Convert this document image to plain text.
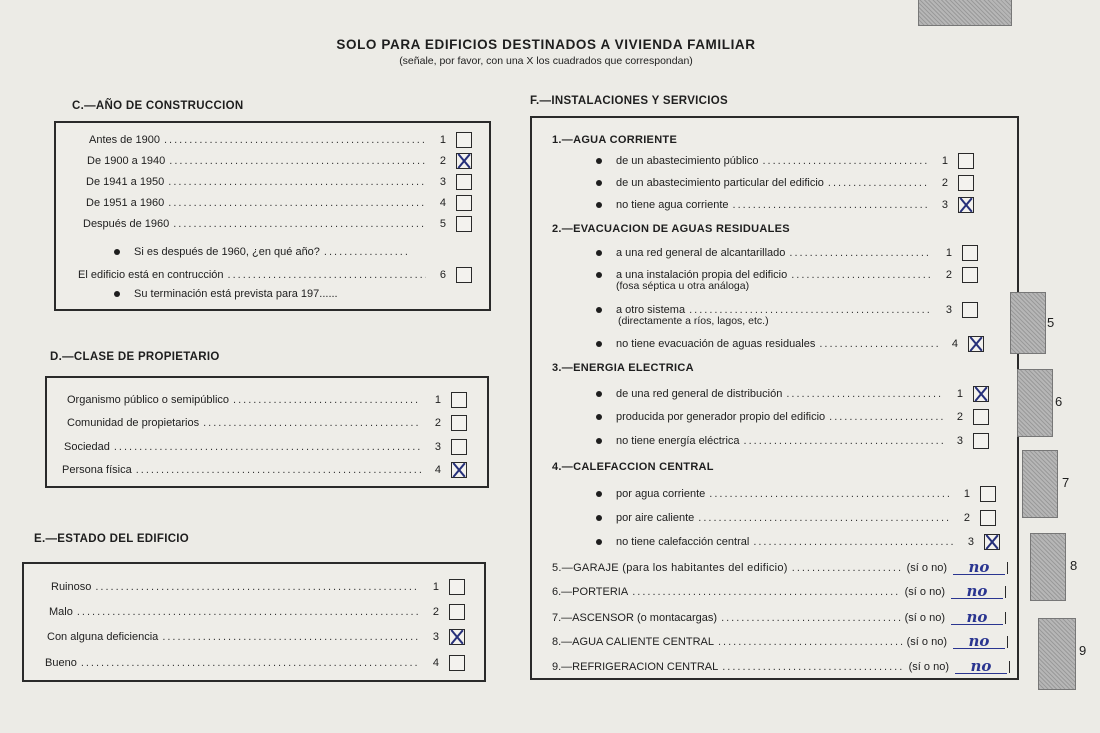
SOLO PARA EDIFICIOS DESTINADOS A VIVIENDA FAMILIAR
(señale, por favor, con una X los cuadrados que correspondan)
C.—AÑO DE CONSTRUCCION
Antes de 1900 .....	1
De 1900 a 1940 .....	2
De 1941 a 1950 .....	3
De 1951 a 1960 .....	4
Después de 1960 .....	5
Si es después de 1960, ¿en qué año?
.....
El edificio está en contrucción .....	6
Su terminación está prevista para 197......
D.—CLASE DE PROPIETARIO
Organismo público o semipúblico .....	1
Comunidad de propietarios .....	2
Sociedad .....	3
Persona física .....	4
E.—ESTADO DEL EDIFICIO
Ruinoso .....	1
Malo .....	2
Con alguna deficiencia .....	3
Bueno .....	4
F.—INSTALACIONES Y SERVICIOS
1.—AGUA CORRIENTE
de un abastecimiento público .....	1
de un abastecimiento particular del edificio .....	2
no tiene agua corriente .....	3
2.—EVACUACION DE AGUAS RESIDUALES
a una red general de alcantarillado .....	1
a una instalación propia del edificio .....	2
(fosa séptica u otra análoga)
a otro sistema .....	3
(directamente a ríos, lagos, etc.)
no tiene evacuación de aguas residuales .....	4
3.—ENERGIA ELECTRICA
de una red general de distribución .....	1
producida por generador propio del edificio .....	2
no tiene energía eléctrica .....	3
4.—CALEFACCION CENTRAL
por agua corriente .....	1
por aire caliente .....	2
no tiene calefacción central .....	3
5.—GARAJE (para los habitantes del edificio) .....	(sí o no)	no
6.—PORTERIA .....	(sí o no)	no
7.—ASCENSOR (o montacargas) .....	(sí o no)	no
8.—AGUA CALIENTE CENTRAL .....	(sí o no)	no
9.—REFRIGERACION CENTRAL .....	(sí o no)	no
5
6
7
8
9
